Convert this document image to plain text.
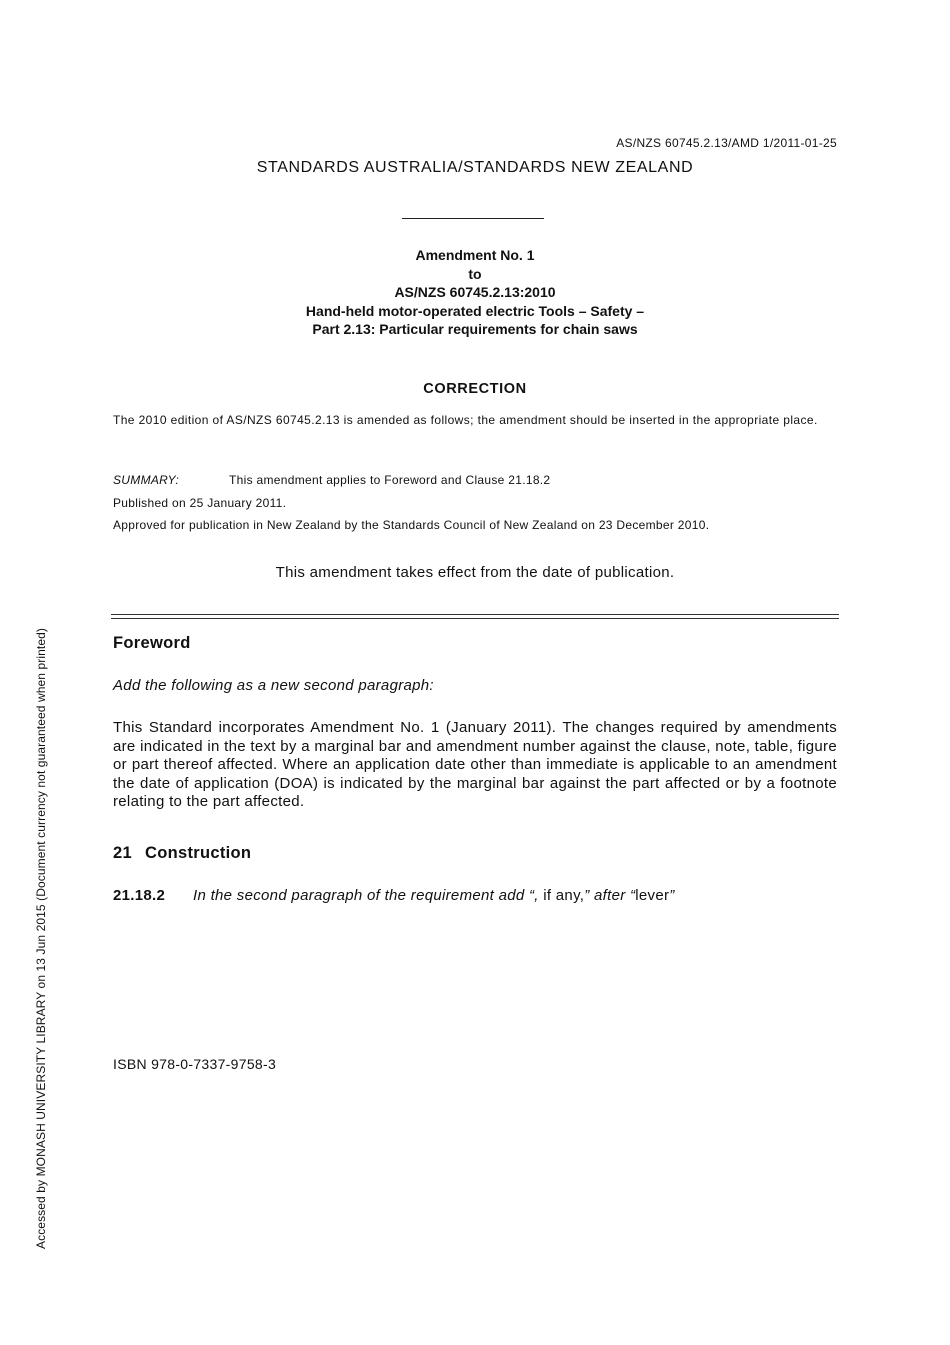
AS/NZS 60745.2.13/AMD 1/2011-01-25
STANDARDS AUSTRALIA/STANDARDS NEW ZEALAND
Amendment No. 1
to
AS/NZS 60745.2.13:2010
Hand-held motor-operated electric Tools – Safety –
Part 2.13: Particular requirements for chain saws
CORRECTION
The 2010 edition of AS/NZS 60745.2.13 is amended as follows; the amendment should be inserted in the appropriate place.
SUMMARY:	This amendment applies to Foreword and Clause 21.18.2
Published on 25 January 2011.
Approved for publication in New Zealand by the Standards Council of New Zealand on 23 December 2010.
This amendment takes effect from the date of publication.
Foreword
Add the following as a new second paragraph:
This Standard incorporates Amendment No. 1 (January 2011). The changes required by amendments are indicated in the text by a marginal bar and amendment number against the clause, note, table, figure or part thereof affected. Where an application date other than immediate is applicable to an amendment the date of application (DOA) is indicated by the marginal bar against the part affected or by a footnote relating to the part affected.
21 Construction
21.18.2 In the second paragraph of the requirement add “, if any,” after “lever”
ISBN 978-0-7337-9758-3
Accessed by MONASH UNIVERSITY LIBRARY on 13 Jun 2015 (Document currency not guaranteed when printed)
